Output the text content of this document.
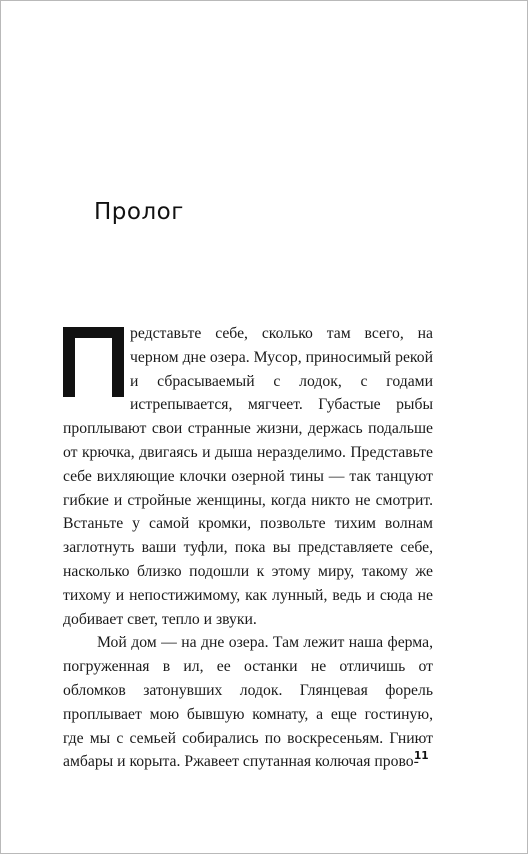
Пролог

редставьте себе, сколько там всего, на черном дне озера. Мусор, приносимый рекой и сбрасываемый с лодок, с годами истрепывается, мягчеет. Губастые рыбы проплывают свои странные жизни, держась подальше от крючка, двигаясь и дыша неразделимо. Представьте себе вихляющие клочки озерной тины — так танцуют гибкие и стройные женщины, когда никто не смотрит. Встаньте у самой кромки, позвольте тихим волнам заглотнуть ваши туфли, пока вы представляете себе, насколько близко подошли к этому миру, такому же тихому и непостижимому, как лунный, ведь и сюда не добивает свет, тепло и звуки.

Мой дом — на дне озера. Там лежит наша ферма, погруженная в ил, ее останки не отличишь от обломков затонувших лодок. Глянцевая форель проплывает мою бывшую комнату, а еще гостиную, где мы с семьей собирались по воскресеньям. Гниют амбары и корыта. Ржавеет спутанная колючая прово-

11
